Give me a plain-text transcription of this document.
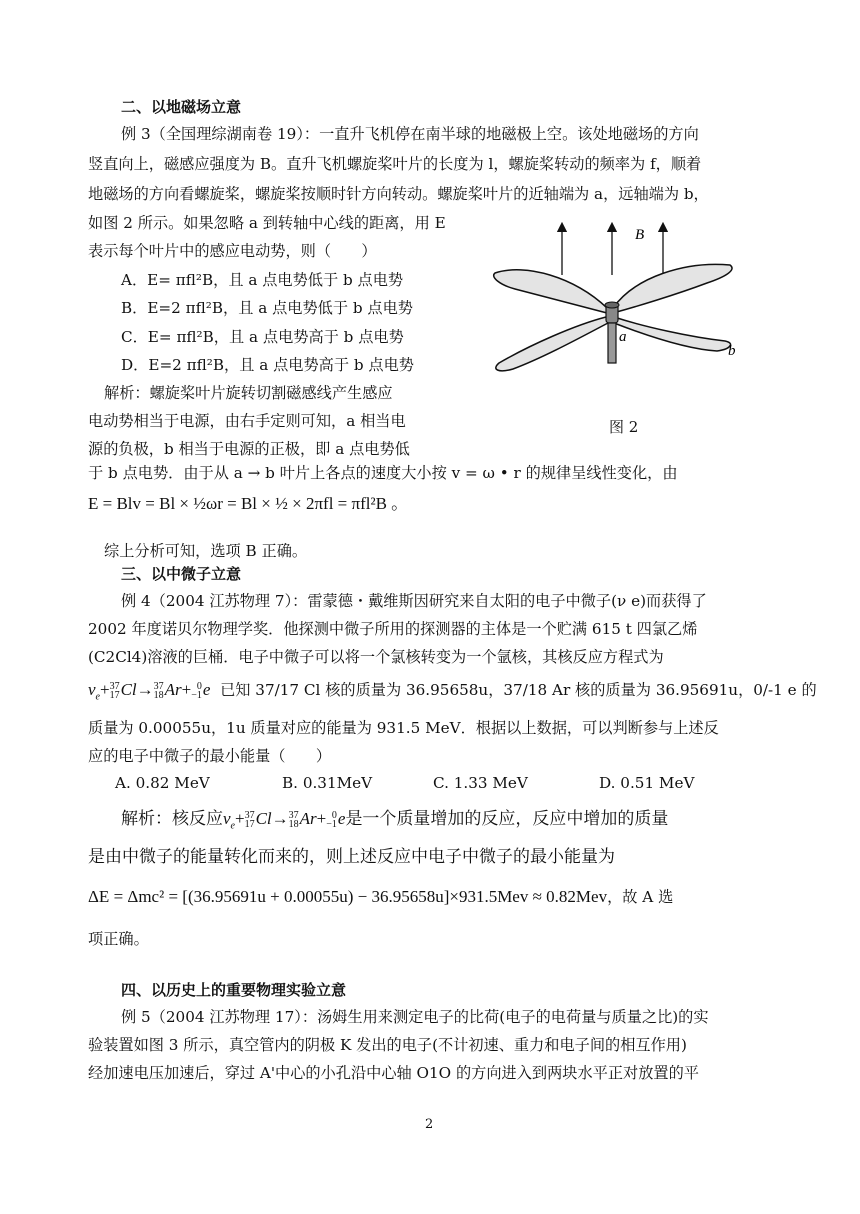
二、以地磁场立意
例 3（全国理综湖南卷 19）：一直升飞机停在南半球的地磁极上空。该处地磁场的方向
竖直向上，磁感应强度为 B。直升飞机螺旋桨叶片的长度为 l，螺旋桨转动的频率为 f，顺着
地磁场的方向看螺旋桨，螺旋桨按顺时针方向转动。螺旋桨叶片的近轴端为 a，远轴端为 b，
如图 2 所示。如果忽略 a 到转轴中心线的距离，用 E
表示每个叶片中的感应电动势，则（　　）
A．E= πfl²B，且 a 点电势低于 b 点电势
B．E=2 πfl²B，且 a 点电势低于 b 点电势
C．E= πfl²B，且 a 点电势高于 b 点电势
D．E=2 πfl²B，且 a 点电势高于 b 点电势
解析：螺旋桨叶片旋转切割磁感线产生感应
电动势相当于电源，由右手定则可知，a 相当电
源的负极，b 相当于电源的正极，即 a 点电势低
于 b 点电势．由于从 a → b 叶片上各点的速度大小按 v = ω • r 的规律呈线性变化，由
E = Blv = Bl × ½ωr = Bl × ½ × 2πfl = πfl²B 。
综上分析可知，选项 B 正确。
B
a
b
图 2
三、以中微子立意
例 4（2004 江苏物理 7）：雷蒙德・戴维斯因研究来自太阳的电子中微子(ν e)而获得了
2002 年度诺贝尔物理学奖．他探测中微子所用的探测器的主体是一个贮满 615 t 四氯乙烯
(C2Cl4)溶液的巨桶．电子中微子可以将一个氯核转变为一个氩核，其核反应方程式为
$v_e+ 37$
17 Cl→ 37
18 Ar+ 0
−1 e 已知 37/17 Cl 核的质量为 36.95658u，37/18 Ar 核的质量为 36.95691u，0/-1 e 的
质量为 0.00055u，1u 质量对应的能量为 931.5 MeV．根据以上数据，可以判断参与上述反
应的电子中微子的最小能量（　　）
A. 0.82 MeV	B. 0.31MeV	C. 1.33 MeV	D. 0.51 MeV
解析：核反应$v_e+ 37$
17 Cl→ 37
18 Ar+ 0
−1 e是一个质量增加的反应，反应中增加的质量
是由中微子的能量转化而来的，则上述反应中电子中微子的最小能量为
ΔE = Δmc² = [(36.95691u + 0.00055u) − 36.95658u]×931.5Mev ≈ 0.82Mev，故 A 选
项正确。
四、以历史上的重要物理实验立意
例 5（2004 江苏物理 17）：汤姆生用来测定电子的比荷(电子的电荷量与质量之比)的实
验装置如图 3 所示，真空管内的阴极 K 发出的电子(不计初速、重力和电子间的相互作用)
经加速电压加速后，穿过 A'中心的小孔沿中心轴 O1O 的方向进入到两块水平正对放置的平
2
